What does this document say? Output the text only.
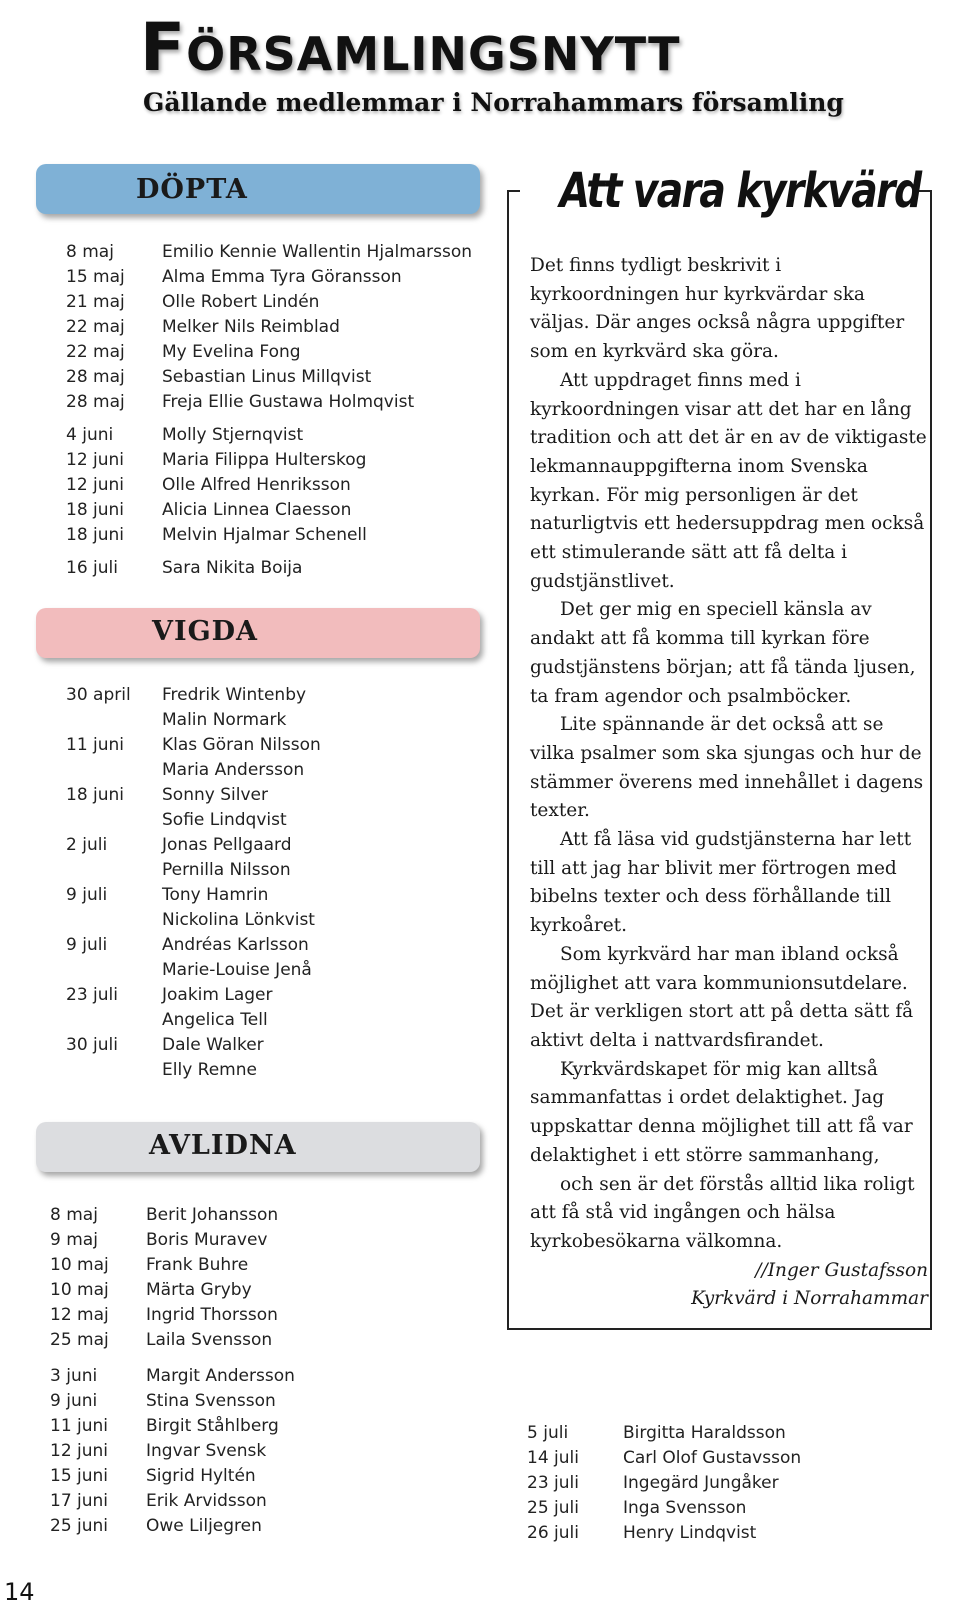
Församlingsnytt
Gällande medlemmar i Norrahammars församling
DÖPTA
8 maj	Emilio Kennie Wallentin Hjalmarsson
15 maj Alma Emma Tyra Göransson
21 maj Olle Robert Lindén
22 maj Melker Nils Reimblad
22 maj My Evelina Fong
28 maj Sebastian Linus Millqvist
28 maj Freja Ellie Gustawa Holmqvist
4 juni	Molly Stjernqvist
12 juni Maria Filippa Hulterskog
12 juni Olle Alfred Henriksson
18 juni Alicia Linnea Claesson
18 juni Melvin Hjalmar Schenell
16 juli	Sara Nikita Boija
VIGDA
30 april Fredrik Wintenby
Malin Normark
11 juni Klas Göran Nilsson
Maria Andersson
18 juni Sonny Silver
Sofie Lindqvist
2 juli	Jonas Pellgaard
Pernilla Nilsson
9 juli	Tony Hamrin
Nickolina Lönkvist
9 juli	Andréas Karlsson
Marie-Louise Jenå
23 juli	Joakim Lager
Angelica Tell
30 juli	Dale Walker
Elly Remne
AVLIDNA
8 maj	Berit Johansson
9 maj	Boris Muravev
10 maj Frank Buhre
10 maj Märta Gryby
12 maj Ingrid Thorsson
25 maj Laila Svensson
3 juni	Margit Andersson
9 juni	Stina Svensson
11 juni Birgit Ståhlberg
12 juni Ingvar Svensk
15 juni Sigrid Hyltén
17 juni Erik Arvidsson
25 juni Owe Liljegren
5 juli	Birgitta Haraldsson
14 juli	Carl Olof Gustavsson
23 juli	Ingegärd Jungåker
25 juli	Inga Svensson
26 juli	Henry Lindqvist
Att vara kyrkvärd

Det finns tydligt beskrivit i kyrkoordningen hur kyrkvärdar ska väljas. Där anges också några uppgifter som en kyrkvärd ska göra.

Att uppdraget finns med i kyrkoordningen visar att det har en lång tradition och att det är en av de viktigaste lekmannauppgifterna inom Svenska kyrkan. För mig personligen är det naturligtvis ett hedersuppdrag men också ett stimulerande sätt att få delta i gudstjänstlivet.

Det ger mig en speciell känsla av andakt att få komma till kyrkan före gudstjänstens början; att få tända ljusen, ta fram agendor och psalmböcker.

Lite spännande är det också att se vilka psalmer som ska sjungas och hur de stämmer överens med innehållet i dagens texter.

Att få läsa vid gudstjänsterna har lett till att jag har blivit mer förtrogen med bibelns texter och dess förhållande till kyrkoåret.

Som kyrkvärd har man ibland också möjlighet att vara kommunionsutdelare. Det är verkligen stort att på detta sätt få aktivt delta i nattvardsfirandet.

Kyrkvärdskapet för mig kan alltså sammanfattas i ordet delaktighet. Jag uppskattar denna möjlighet till att få var delaktighet i ett större sammanhang,

och sen är det förstås alltid lika roligt att få stå vid ingången och hälsa kyrkobesökarna välkomna.

//Inger Gustafsson
Kyrkvärd i Norrahammar
14
